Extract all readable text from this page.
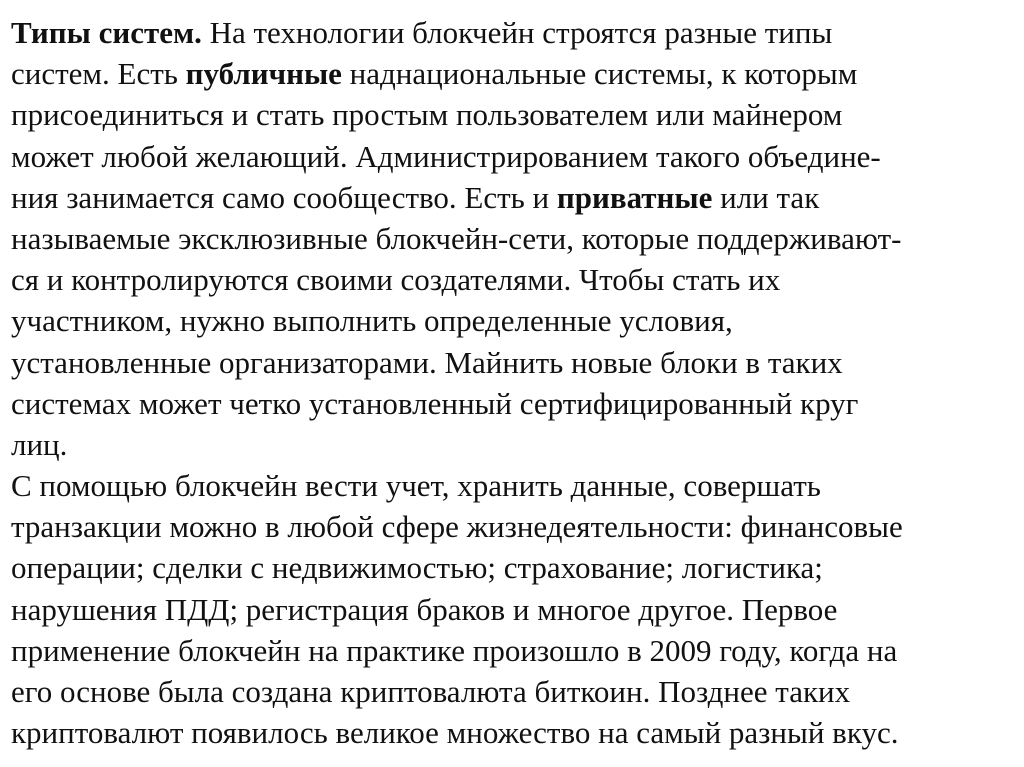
Типы систем. На технологии блокчейн строятся разные типы
систем. Есть публичные наднациональные системы, к которым
присоединиться и стать простым пользователем или майнером
может любой желающий. Администрированием такого объедине-
ния занимается само сообщество. Есть и приватные или так
называемые эксклюзивные блокчейн-сети, которые поддерживают-
ся и контролируются своими создателями. Чтобы стать их
участником, нужно выполнить определенные условия,
установленные организаторами. Майнить новые блоки в таких
системах может четко установленный сертифицированный круг
лиц.
С помощью блокчейн вести учет, хранить данные, совершать
транзакции можно в любой сфере жизнедеятельности: финансовые
операции; сделки с недвижимостью; страхование; логистика;
нарушения ПДД; регистрация браков и многое другое. Первое
применение блокчейн на практике произошло в 2009 году, когда на
его основе была создана криптовалюта биткоин. Позднее таких
криптовалют появилось великое множество на самый разный вкус.
